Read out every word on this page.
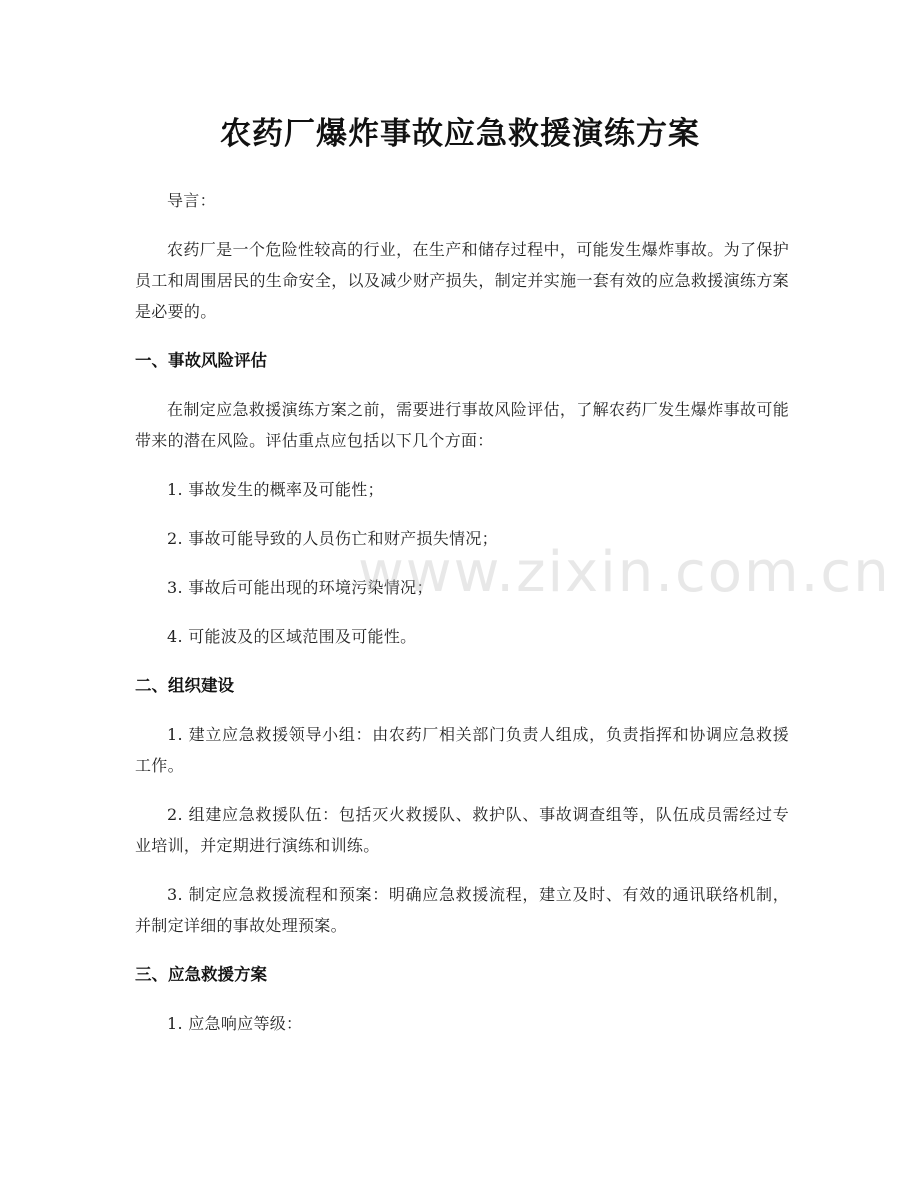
农药厂爆炸事故应急救援演练方案

导言：

农药厂是一个危险性较高的行业，在生产和储存过程中，可能发生爆炸事故。为了保护员工和周围居民的生命安全，以及减少财产损失，制定并实施一套有效的应急救援演练方案是必要的。

一、事故风险评估

在制定应急救援演练方案之前，需要进行事故风险评估，了解农药厂发生爆炸事故可能带来的潜在风险。评估重点应包括以下几个方面：

1. 事故发生的概率及可能性；

2. 事故可能导致的人员伤亡和财产损失情况；

3. 事故后可能出现的环境污染情况；

4. 可能波及的区域范围及可能性。

二、组织建设

1. 建立应急救援领导小组：由农药厂相关部门负责人组成，负责指挥和协调应急救援工作。

2. 组建应急救援队伍：包括灭火救援队、救护队、事故调查组等，队伍成员需经过专业培训，并定期进行演练和训练。

3. 制定应急救援流程和预案：明确应急救援流程，建立及时、有效的通讯联络机制，并制定详细的事故处理预案。

三、应急救援方案

1. 应急响应等级：

www.zixin.com.cn
